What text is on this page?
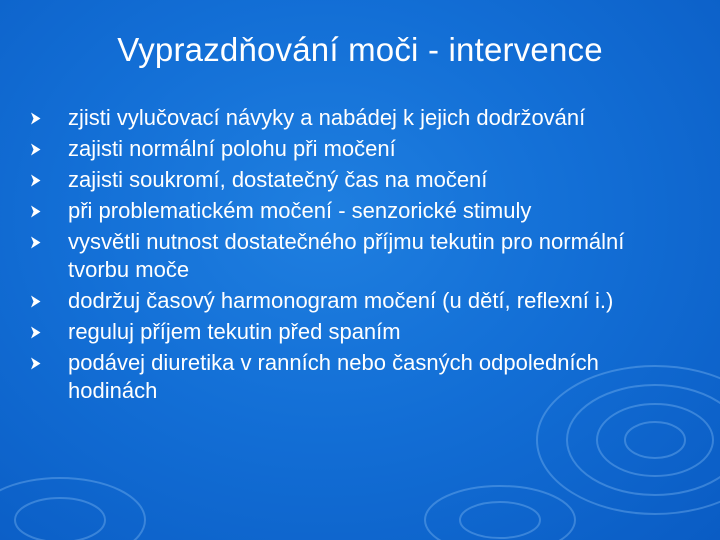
Vyprazdňování moči - intervence
zjisti vylučovací návyky a nabádej k jejich dodržování
zajisti normální polohu při močení
zajisti soukromí, dostatečný čas na močení
při problematickém močení - senzorické stimuly
vysvětli nutnost dostatečného příjmu tekutin pro normální tvorbu moče
dodržuj časový harmonogram močení (u dětí, reflexní i.)
reguluj příjem tekutin před spaním
podávej diuretika v ranních nebo časných odpoledních hodinách
